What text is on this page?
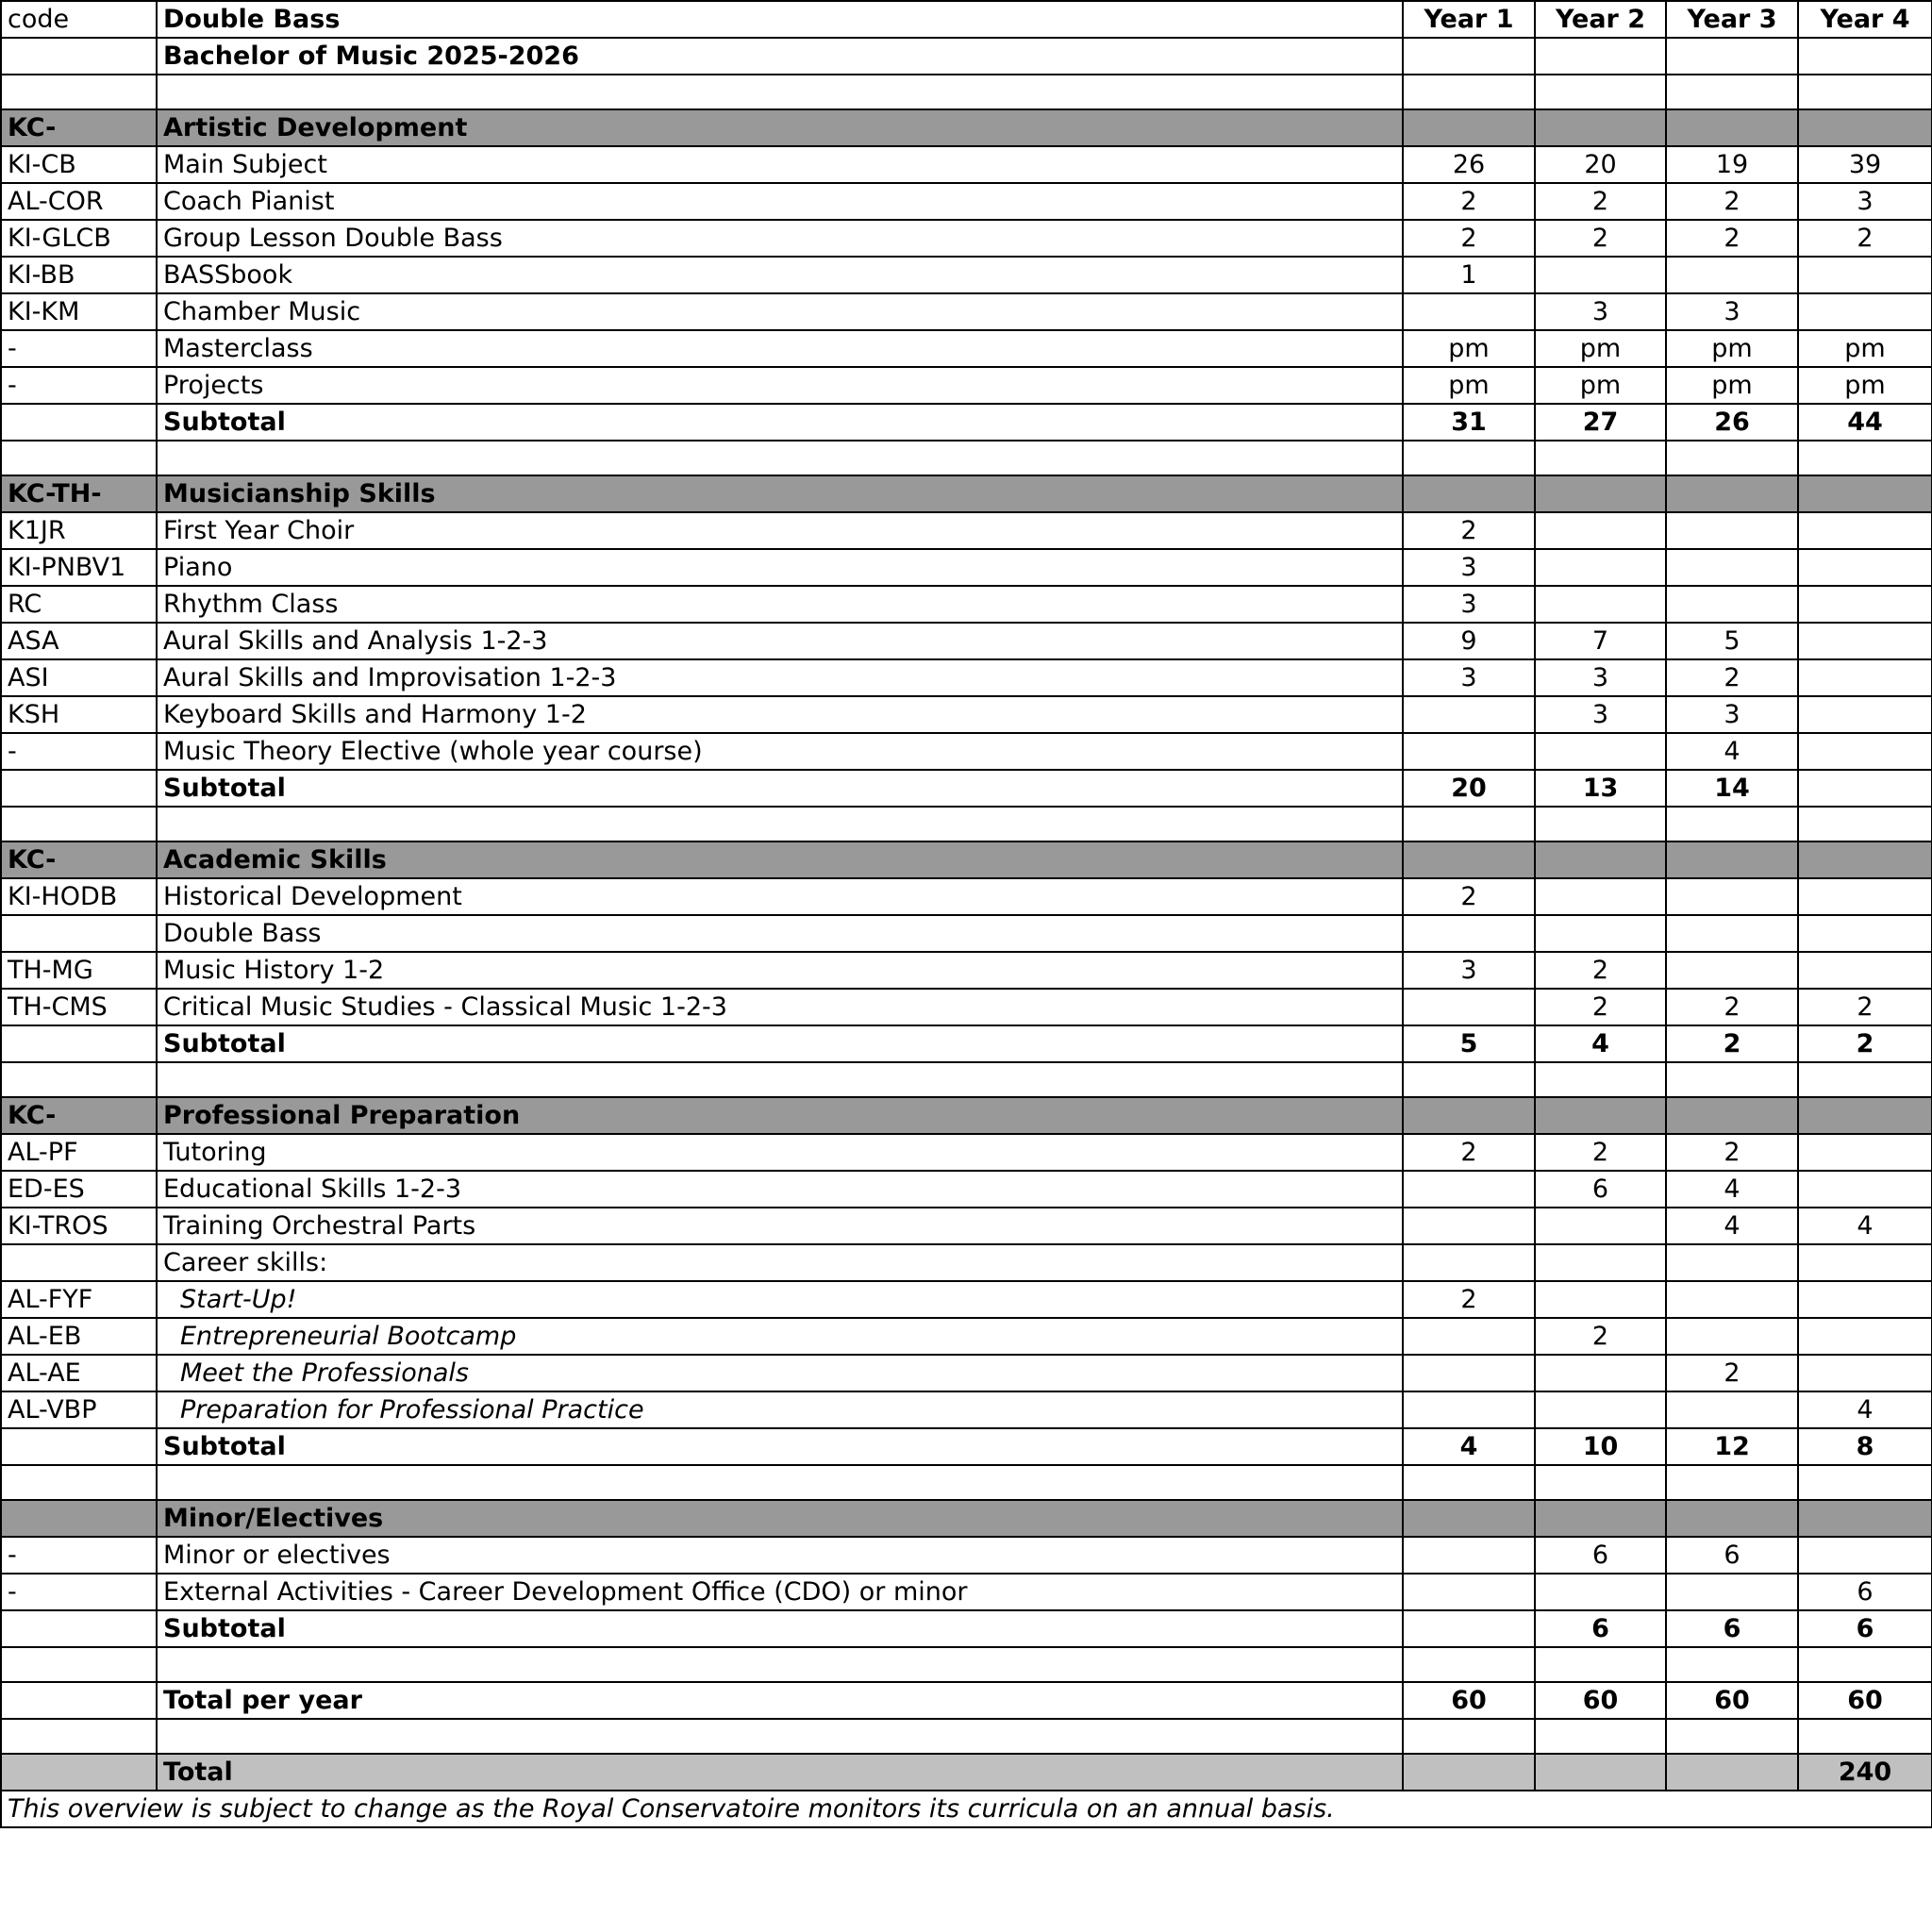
code	Double Bass	Year 1	Year 2	Year 3	Year 4
	Bachelor of Music 2025-2026				

KC-	Artistic Development				
KI-CB	Main Subject	26	20	19	39
AL-COR	Coach Pianist	2	2	2	3
KI-GLCB	Group Lesson Double Bass	2	2	2	2
KI-BB	BASSbook	1			
KI-KM	Chamber Music		3	3	
-	Masterclass	pm	pm	pm	pm
-	Projects	pm	pm	pm	pm
	Subtotal	31	27	26	44

KC-TH-	Musicianship Skills				
K1JR	First Year Choir	2			
KI-PNBV1	Piano	3			
RC	Rhythm Class	3			
ASA	Aural Skills and Analysis 1-2-3	9	7	5	
ASI	Aural Skills and Improvisation 1-2-3	3	3	2	
KSH	Keyboard Skills and Harmony 1-2		3	3	
-	Music Theory Elective (whole year course)			4	
	Subtotal	20	13	14	

KC-	Academic Skills				
KI-HODB	Historical Development	2			
	Double Bass				
TH-MG	Music History 1-2	3	2		
TH-CMS	Critical Music Studies - Classical Music 1-2-3		2	2	2
	Subtotal	5	4	2	2

KC-	Professional Preparation				
AL-PF	Tutoring	2	2	2	
ED-ES	Educational Skills 1-2-3		6	4	
KI-TROS	Training Orchestral Parts			4	4
	Career skills:				
AL-FYF	Start-Up!	2			
AL-EB	Entrepreneurial Bootcamp		2		
AL-AE	Meet the Professionals			2	
AL-VBP	Preparation for Professional Practice				4
	Subtotal	4	10	12	8

	Minor/Electives				
-	Minor or electives		6	6	
-	External Activities - Career Development Office (CDO) or minor				6
	Subtotal		6	6	6

	Total per year	60	60	60	60

	Total				240
This overview is subject to change as the Royal Conservatoire monitors its curricula on an annual basis.					
